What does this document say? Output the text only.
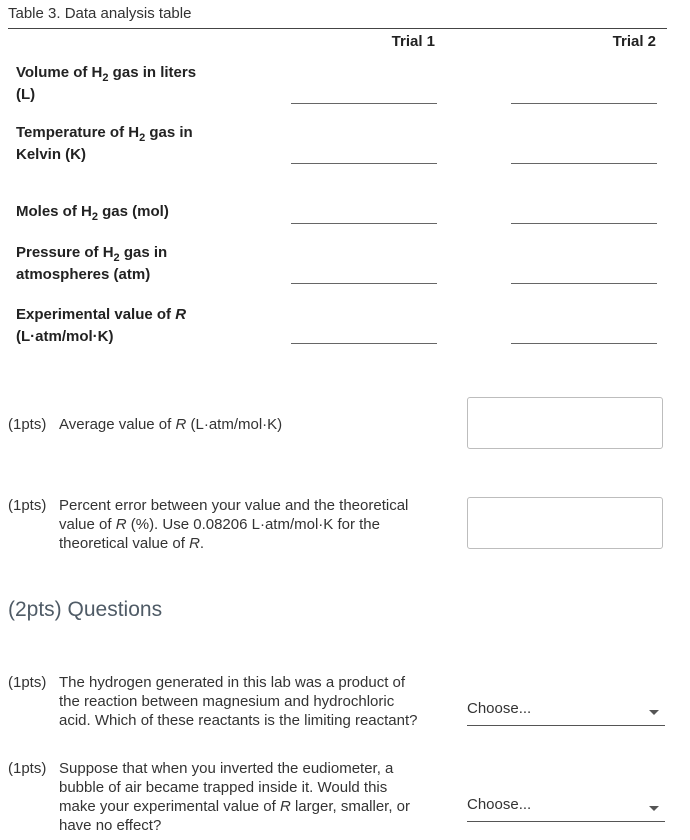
Table 3. Data analysis table
Trial 1	Trial 2
Volume of $H_2$ gas in liters
(L)
Temperature of $H_2$ gas in
Kelvin (K)
Moles of $H_2$ gas (mol)
Pressure of $H_2$ gas in
atmospheres (atm)
Experimental value of R
(L·atm/mol·K)
(1pts) Average value of R (L·atm/mol·K)
(1pts) Percent error between your value and the theoretical
value of R (%). Use 0.08206 L·atm/mol·K for the
theoretical value of R.
(2pts) Questions
(1pts) The hydrogen generated in this lab was a product of
the reaction between magnesium and hydrochloric
acid. Which of these reactants is the limiting reactant?
Choose...
(1pts) Suppose that when you inverted the eudiometer, a
bubble of air became trapped inside it. Would this
make your experimental value of R larger, smaller, or
have no effect?
Choose...
